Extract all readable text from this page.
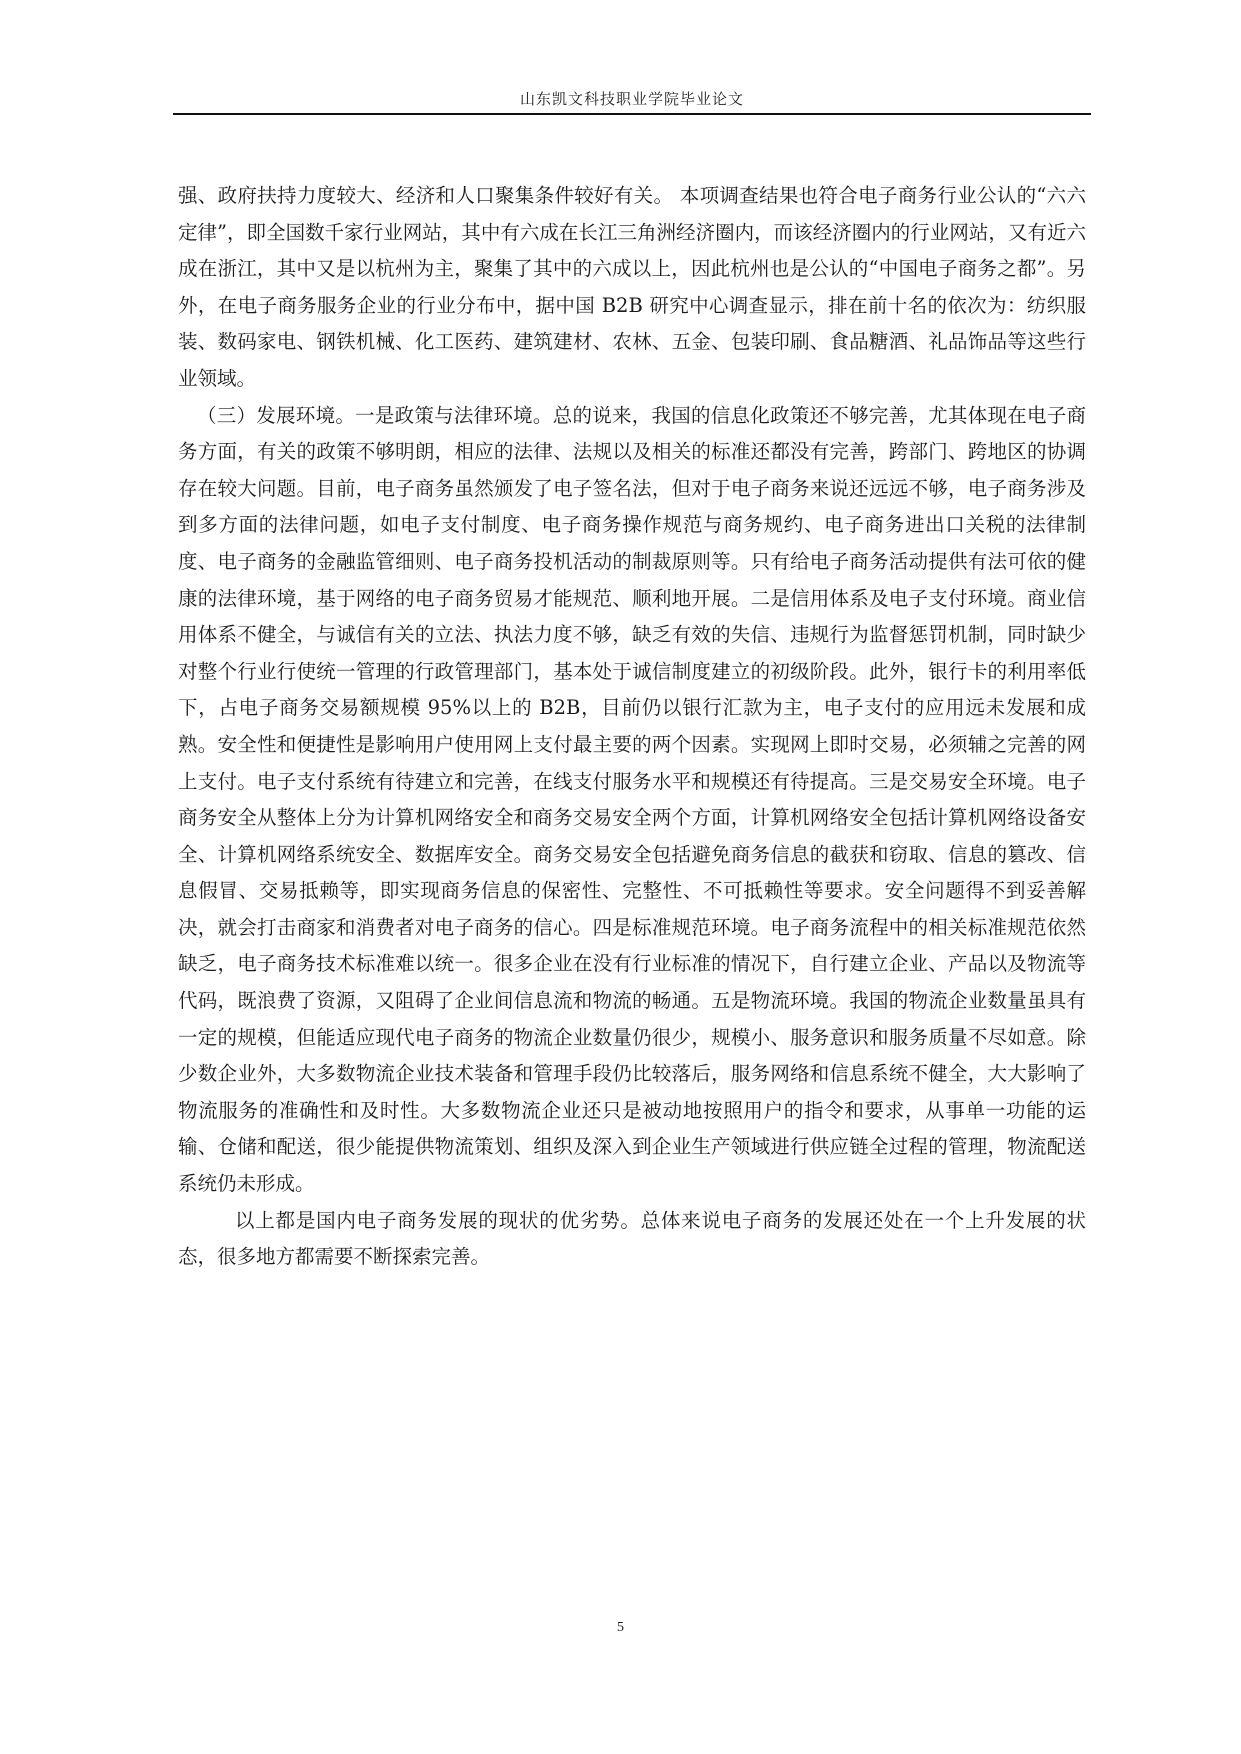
山东凯文科技职业学院毕业论文

强、政府扶持力度较大、经济和人口聚集条件较好有关。 本项调查结果也符合电子商务行业公认的“六六定律”，即全国数千家行业网站，其中有六成在长江三角洲经济圈内，而该经济圈内的行业网站，又有近六成在浙江，其中又是以杭州为主，聚集了其中的六成以上，因此杭州也是公认的“中国电子商务之都”。另外，在电子商务服务企业的行业分布中，据中国 B2B 研究中心调查显示，排在前十名的依次为：纺织服装、数码家电、钢铁机械、化工医药、建筑建材、农林、五金、包装印刷、食品糖酒、礼品饰品等这些行业领域。

（三）发展环境。一是政策与法律环境。总的说来，我国的信息化政策还不够完善，尤其体现在电子商务方面，有关的政策不够明朗，相应的法律、法规以及相关的标准还都没有完善，跨部门、跨地区的协调存在较大问题。目前，电子商务虽然颁发了电子签名法，但对于电子商务来说还远远不够，电子商务涉及到多方面的法律问题，如电子支付制度、电子商务操作规范与商务规约、电子商务进出口关税的法律制度、电子商务的金融监管细则、电子商务投机活动的制裁原则等。只有给电子商务活动提供有法可依的健康的法律环境，基于网络的电子商务贸易才能规范、顺利地开展。二是信用体系及电子支付环境。商业信用体系不健全，与诚信有关的立法、执法力度不够，缺乏有效的失信、违规行为监督惩罚机制，同时缺少对整个行业行使统一管理的行政管理部门，基本处于诚信制度建立的初级阶段。此外，银行卡的利用率低下，占电子商务交易额规模 95%以上的 B2B，目前仍以银行汇款为主，电子支付的应用远未发展和成熟。安全性和便捷性是影响用户使用网上支付最主要的两个因素。实现网上即时交易，必须辅之完善的网上支付。电子支付系统有待建立和完善，在线支付服务水平和规模还有待提高。三是交易安全环境。电子商务安全从整体上分为计算机网络安全和商务交易安全两个方面，计算机网络安全包括计算机网络设备安全、计算机网络系统安全、数据库安全。商务交易安全包括避免商务信息的截获和窃取、信息的篡改、信息假冒、交易抵赖等，即实现商务信息的保密性、完整性、不可抵赖性等要求。安全问题得不到妥善解决，就会打击商家和消费者对电子商务的信心。四是标准规范环境。电子商务流程中的相关标准规范依然缺乏，电子商务技术标准难以统一。很多企业在没有行业标准的情况下，自行建立企业、产品以及物流等代码，既浪费了资源，又阻碍了企业间信息流和物流的畅通。五是物流环境。我国的物流企业数量虽具有一定的规模，但能适应现代电子商务的物流企业数量仍很少，规模小、服务意识和服务质量不尽如意。除少数企业外，大多数物流企业技术装备和管理手段仍比较落后，服务网络和信息系统不健全，大大影响了物流服务的准确性和及时性。大多数物流企业还只是被动地按照用户的指令和要求，从事单一功能的运输、仓储和配送，很少能提供物流策划、组织及深入到企业生产领域进行供应链全过程的管理，物流配送系统仍未形成。

以上都是国内电子商务发展的现状的优劣势。总体来说电子商务的发展还处在一个上升发展的状态，很多地方都需要不断探索完善。

5
